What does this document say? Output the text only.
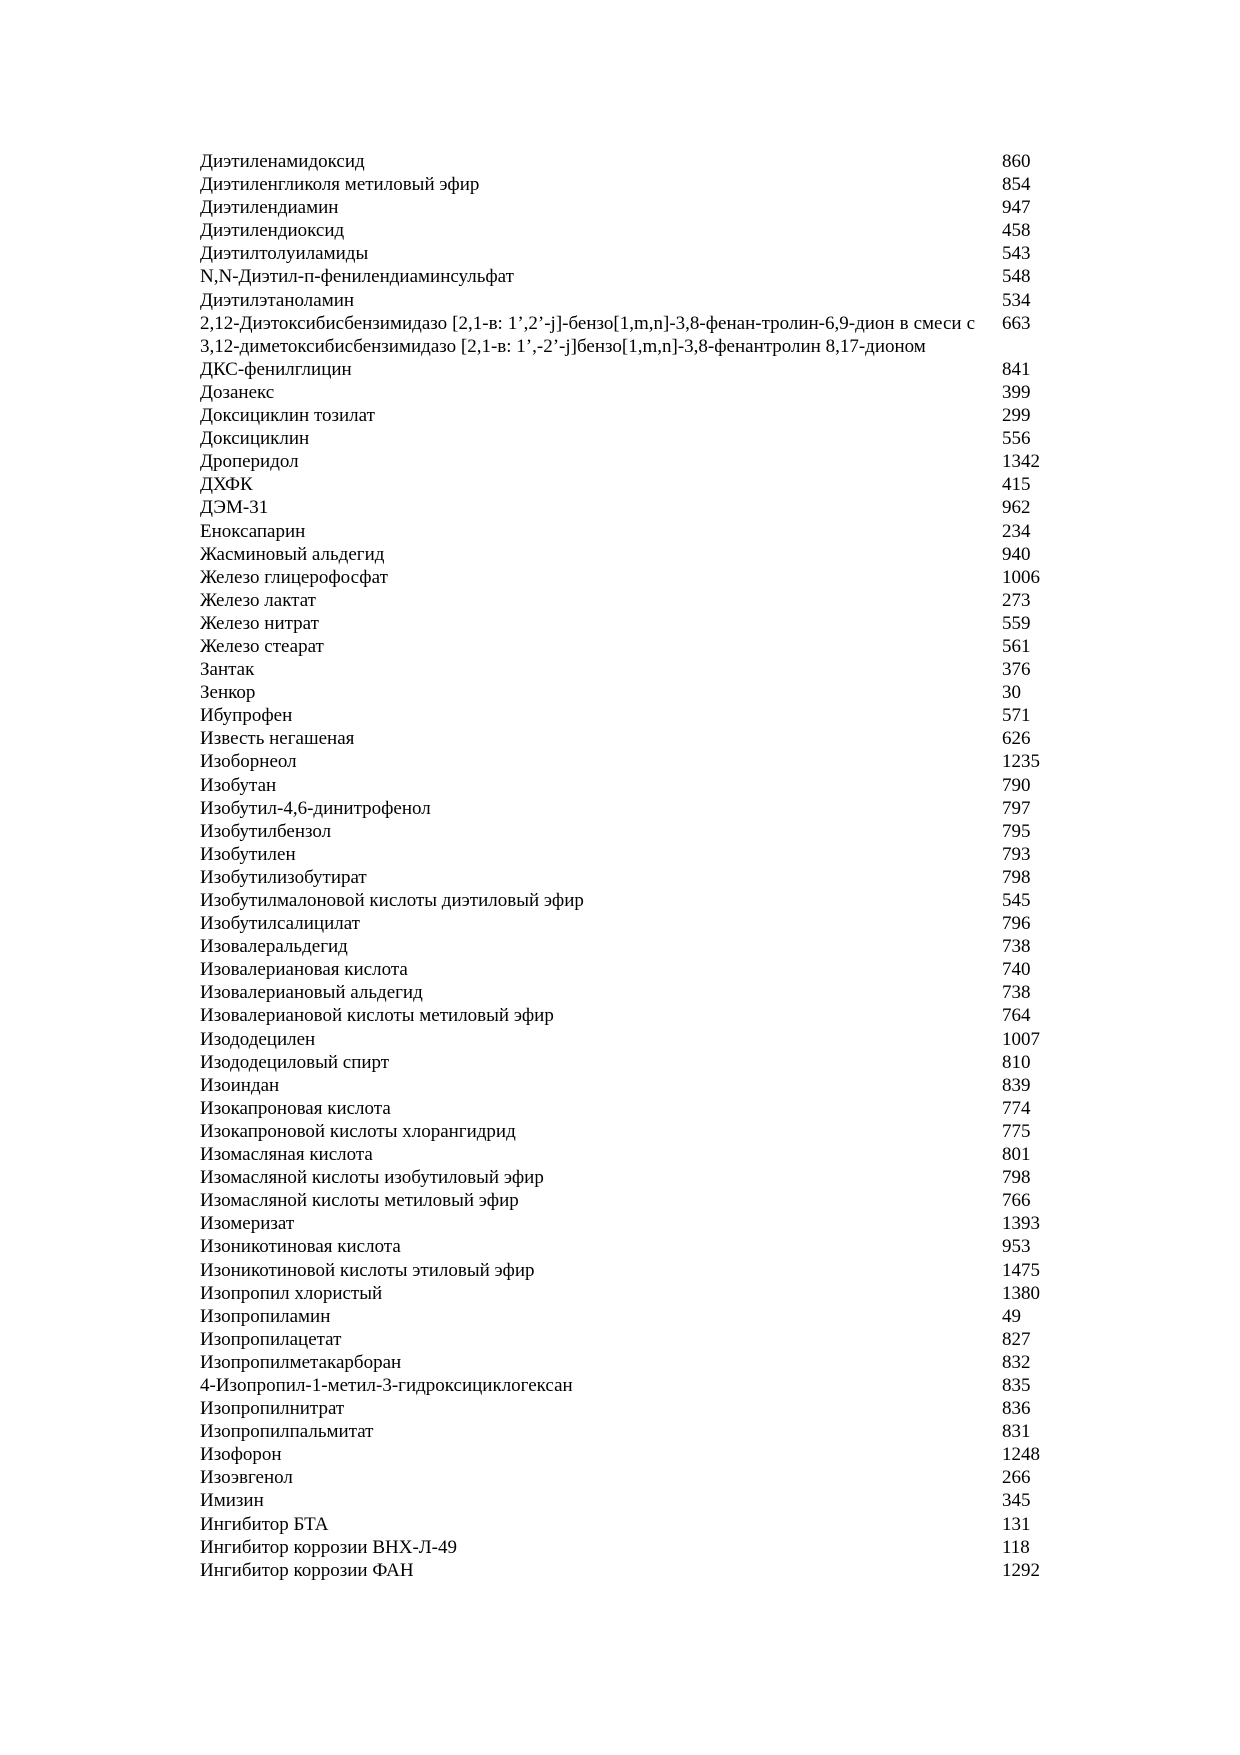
Диэтиленамидоксид	860
Диэтиленгликоля метиловый эфир	854
Диэтилендиамин	947
Диэтилендиоксид	458
Диэтилтолуиламиды	543
N,N-Диэтил-п-фенилендиаминсульфат	548
Диэтилэтаноламин	534
2,12-Диэтоксибисбензимидазо [2,1-в: 1’,2’-j]-бензо[1,m,n]-3,8-фенан-тролин-6,9-дион в смеси с 3,12-диметоксибисбензимидазо [2,1-в: 1’,-2’-j]бензо[1,m,n]-3,8-фенантролин 8,17-дионом	663
ДКС-фенилглицин	841
Дозанекс	399
Доксициклин тозилат	299
Доксициклин	556
Дроперидол	1342
ДХФК	415
ДЭМ-31	962
Еноксапарин	234
Жасминовый альдегид	940
Железо глицерофосфат	1006
Железо лактат	273
Железо нитрат	559
Железо стеарат	561
Зантак	376
Зенкор	30
Ибупрофен	571
Известь негашеная	626
Изоборнеол	1235
Изобутан	790
Изобутил-4,6-динитрофенол	797
Изобутилбензол	795
Изобутилен	793
Изобутилизобутират	798
Изобутилмалоновой кислоты диэтиловый эфир	545
Изобутилсалицилат	796
Изовалеральдегид	738
Изовалериановая кислота	740
Изовалериановый альдегид	738
Изовалериановой кислоты метиловый эфир	764
Изододецилен	1007
Изододециловый спирт	810
Изоиндан	839
Изокапроновая кислота	774
Изокапроновой кислоты хлорангидрид	775
Изомасляная кислота	801
Изомасляной кислоты изобутиловый эфир	798
Изомасляной кислоты метиловый эфир	766
Изомеризат	1393
Изоникотиновая кислота	953
Изоникотиновой кислоты этиловый эфир	1475
Изопропил хлористый	1380
Изопропиламин	49
Изопропилацетат	827
Изопропилметакарборан	832
4-Изопропил-1-метил-3-гидроксициклогексан	835
Изопропилнитрат	836
Изопропилпальмитат	831
Изофорон	1248
Изоэвгенол	266
Имизин	345
Ингибитор БТА	131
Ингибитор коррозии ВНХ-Л-49	118
Ингибитор коррозии ФАН	1292
